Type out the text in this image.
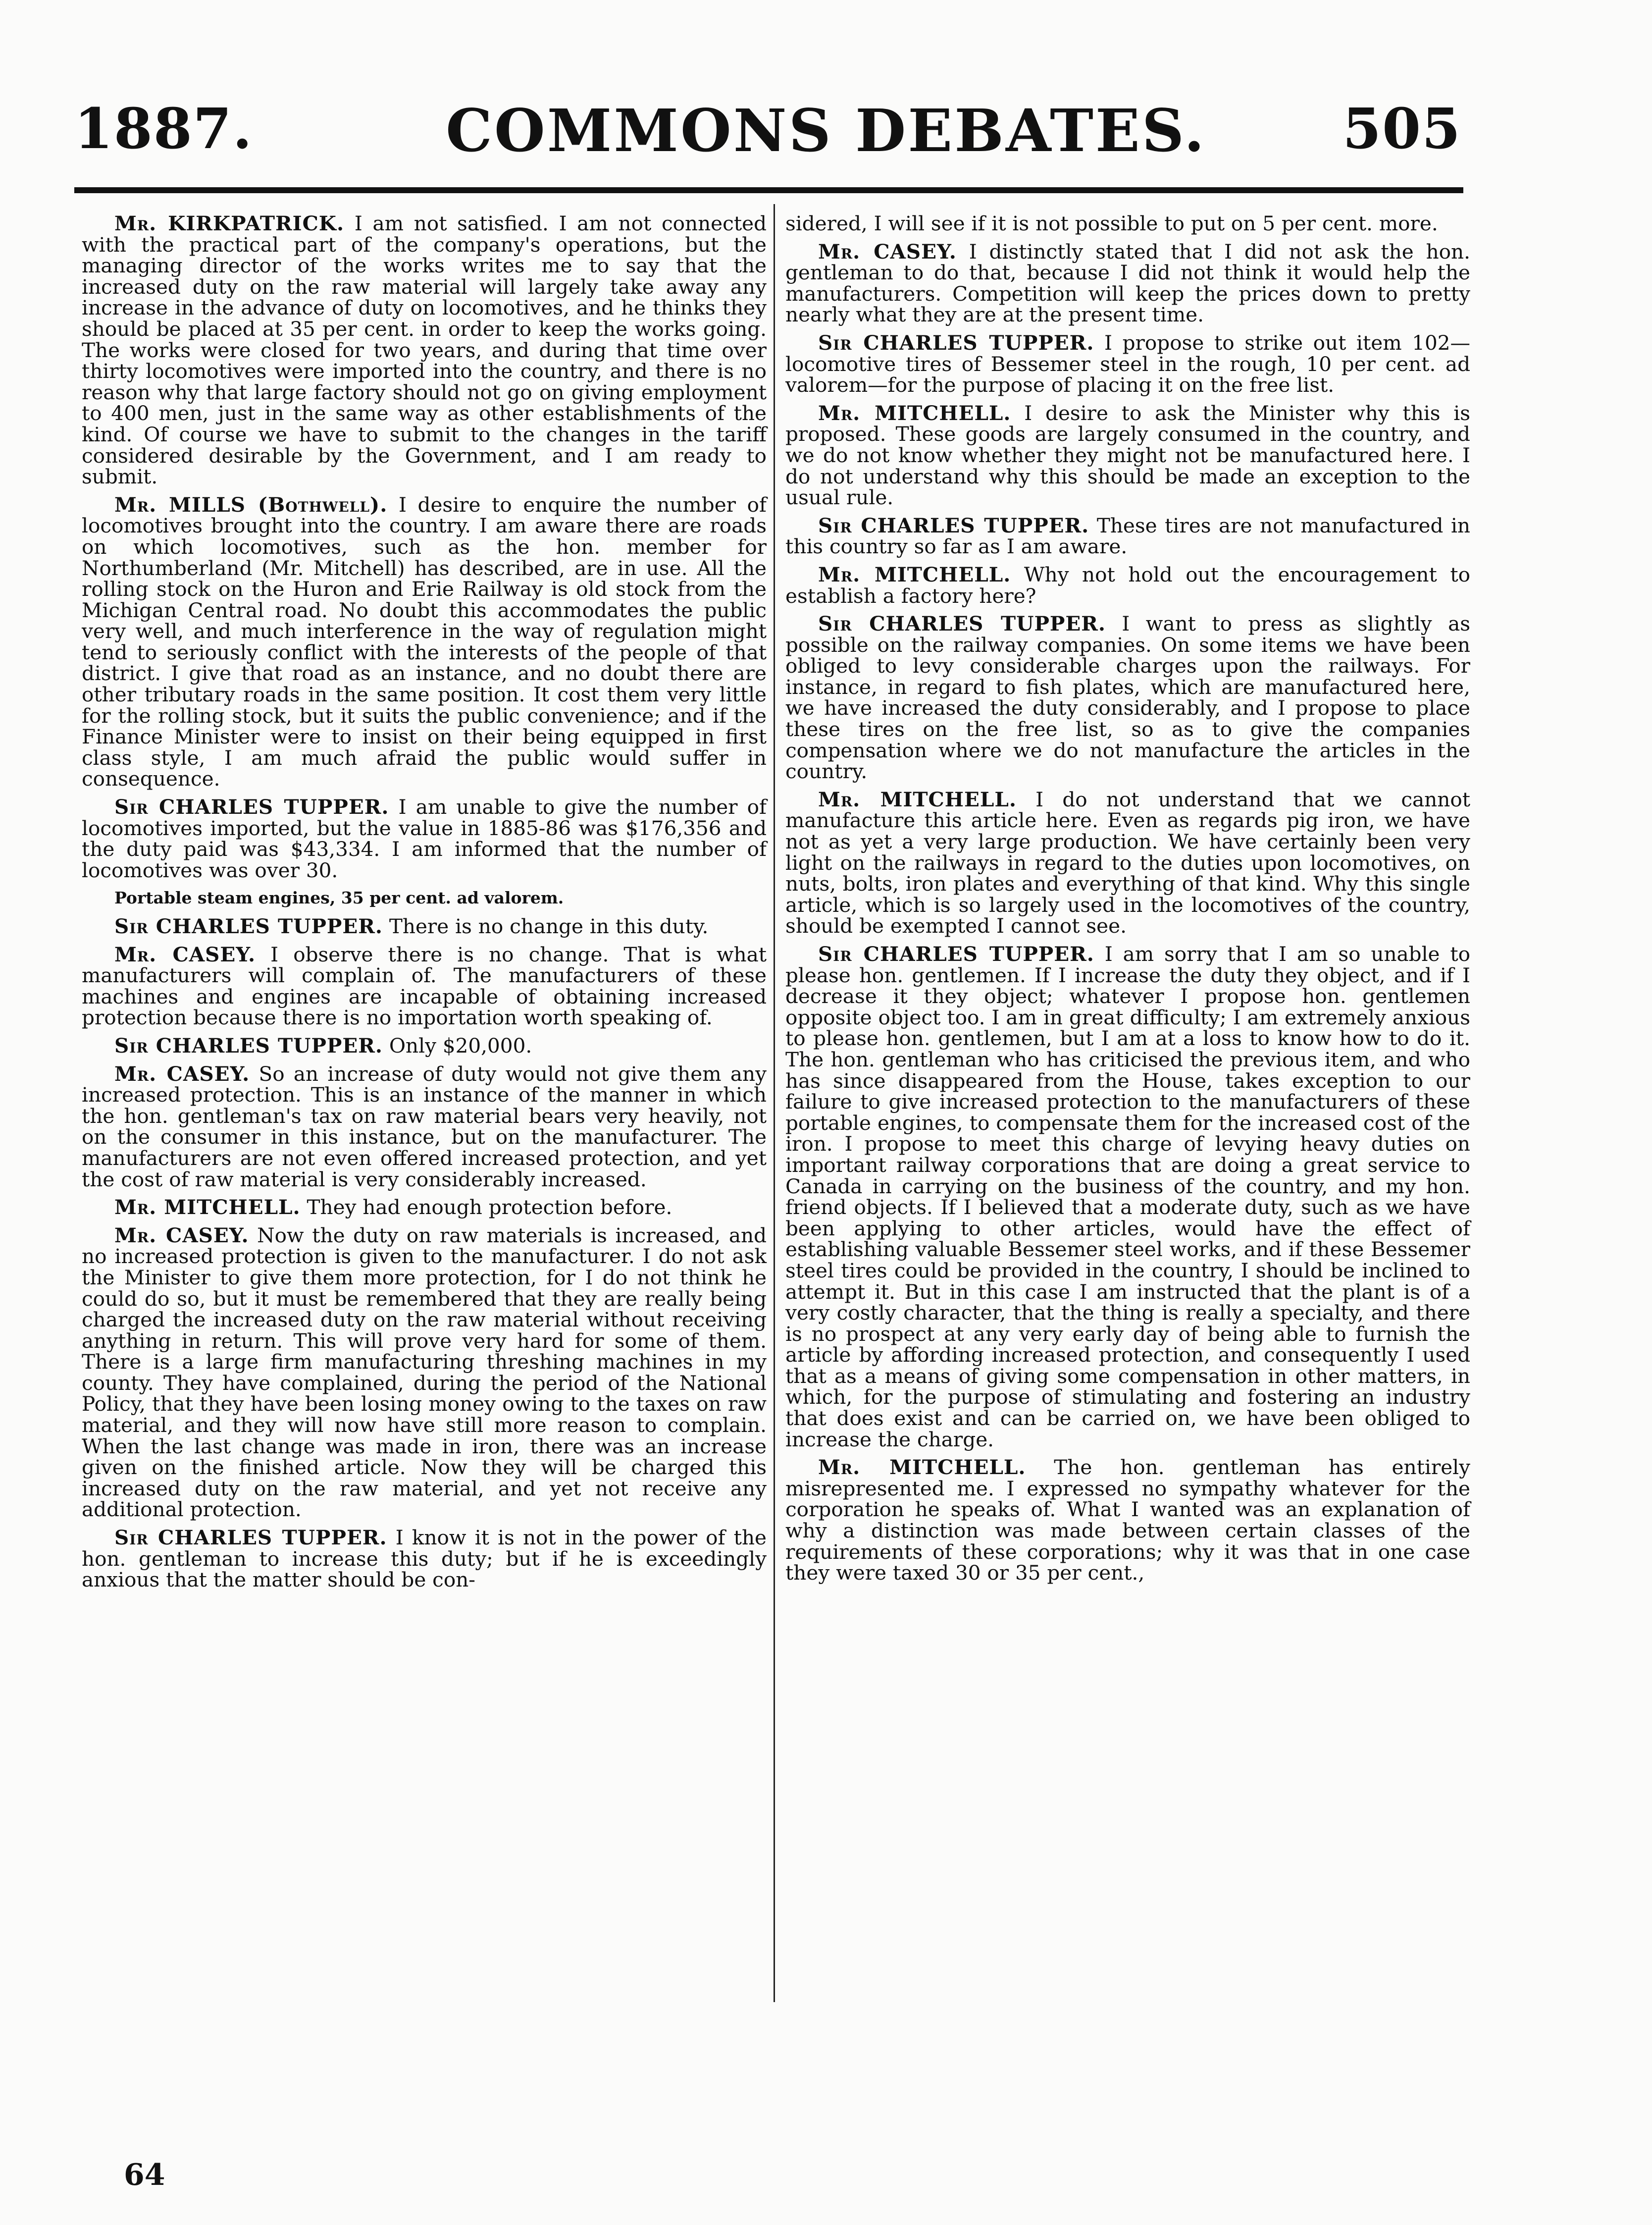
1887.	COMMONS DEBATES.	505

Mr. KIRKPATRICK. I am not satisfied. I am not connected with the practical part of the company's operations, but the managing director of the works writes me to say that the increased duty on the raw material will largely take away any increase in the advance of duty on locomotives, and he thinks they should be placed at 35 per cent. in order to keep the works going. The works were closed for two years, and during that time over thirty locomotives were imported into the country, and there is no reason why that large factory should not go on giving employment to 400 men, just in the same way as other establishments of the kind. Of course we have to submit to the changes in the tariff considered desirable by the Government, and I am ready to submit.

Mr. MILLS (Bothwell). I desire to enquire the number of locomotives brought into the country. I am aware there are roads on which locomotives, such as the hon. member for Northumberland (Mr. Mitchell) has described, are in use. All the rolling stock on the Huron and Erie Railway is old stock from the Michigan Central road. No doubt this accommodates the public very well, and much interference in the way of regulation might tend to seriously conflict with the interests of the people of that district. I give that road as an instance, and no doubt there are other tributary roads in the same position. It cost them very little for the rolling stock, but it suits the public convenience; and if the Finance Minister were to insist on their being equipped in first class style, I am much afraid the public would suffer in consequence.

Sir CHARLES TUPPER. I am unable to give the number of locomotives imported, but the value in 1885-86 was $176,356 and the duty paid was $43,334. I am informed that the number of locomotives was over 30.

Portable steam engines, 35 per cent. ad valorem.

Sir CHARLES TUPPER. There is no change in this duty.

Mr. CASEY. I observe there is no change. That is what manufacturers will complain of. The manufacturers of these machines and engines are incapable of obtaining increased protection because there is no importation worth speaking of.

Sir CHARLES TUPPER. Only $20,000.

Mr. CASEY. So an increase of duty would not give them any increased protection. This is an instance of the manner in which the hon. gentleman's tax on raw material bears very heavily, not on the consumer in this instance, but on the manufacturer. The manufacturers are not even offered increased protection, and yet the cost of raw material is very considerably increased.

Mr. MITCHELL. They had enough protection before.

Mr. CASEY. Now the duty on raw materials is increased, and no increased protection is given to the manufacturer. I do not ask the Minister to give them more protection, for I do not think he could do so, but it must be remembered that they are really being charged the increased duty on the raw material without receiving anything in return. This will prove very hard for some of them. There is a large firm manufacturing threshing machines in my county. They have complained, during the period of the National Policy, that they have been losing money owing to the taxes on raw material, and they will now have still more reason to complain. When the last change was made in iron, there was an increase given on the finished article. Now they will be charged this increased duty on the raw material, and yet not receive any additional protection.

Sir CHARLES TUPPER. I know it is not in the power of the hon. gentleman to increase this duty; but if he is exceedingly anxious that the matter should be con-

sidered, I will see if it is not possible to put on 5 per cent. more.

Mr. CASEY. I distinctly stated that I did not ask the hon. gentleman to do that, because I did not think it would help the manufacturers. Competition will keep the prices down to pretty nearly what they are at the present time.

Sir CHARLES TUPPER. I propose to strike out item 102—locomotive tires of Bessemer steel in the rough, 10 per cent. ad valorem—for the purpose of placing it on the free list.

Mr. MITCHELL. I desire to ask the Minister why this is proposed. These goods are largely consumed in the country, and we do not know whether they might not be manufactured here. I do not understand why this should be made an exception to the usual rule.

Sir CHARLES TUPPER. These tires are not manufactured in this country so far as I am aware.

Mr. MITCHELL. Why not hold out the encouragement to establish a factory here?

Sir CHARLES TUPPER. I want to press as slightly as possible on the railway companies. On some items we have been obliged to levy considerable charges upon the railways. For instance, in regard to fish plates, which are manufactured here, we have increased the duty considerably, and I propose to place these tires on the free list, so as to give the companies compensation where we do not manufacture the articles in the country.

Mr. MITCHELL. I do not understand that we cannot manufacture this article here. Even as regards pig iron, we have not as yet a very large production. We have certainly been very light on the railways in regard to the duties upon locomotives, on nuts, bolts, iron plates and everything of that kind. Why this single article, which is so largely used in the locomotives of the country, should be exempted I cannot see.

Sir CHARLES TUPPER. I am sorry that I am so unable to please hon. gentlemen. If I increase the duty they object, and if I decrease it they object; whatever I propose hon. gentlemen opposite object too. I am in great difficulty; I am extremely anxious to please hon. gentlemen, but I am at a loss to know how to do it. The hon. gentleman who has criticised the previous item, and who has since disappeared from the House, takes exception to our failure to give increased protection to the manufacturers of these portable engines, to compensate them for the increased cost of the iron. I propose to meet this charge of levying heavy duties on important railway corporations that are doing a great service to Canada in carrying on the business of the country, and my hon. friend objects. If I believed that a moderate duty, such as we have been applying to other articles, would have the effect of establishing valuable Bessemer steel works, and if these Bessemer steel tires could be provided in the country, I should be inclined to attempt it. But in this case I am instructed that the plant is of a very costly character, that the thing is really a specialty, and there is no prospect at any very early day of being able to furnish the article by affording increased protection, and consequently I used that as a means of giving some compensation in other matters, in which, for the purpose of stimulating and fostering an industry that does exist and can be carried on, we have been obliged to increase the charge.

Mr. MITCHELL. The hon. gentleman has entirely misrepresented me. I expressed no sympathy whatever for the corporation he speaks of. What I wanted was an explanation of why a distinction was made between certain classes of the requirements of these corporations; why it was that in one case they were taxed 30 or 35 per cent.,

64
